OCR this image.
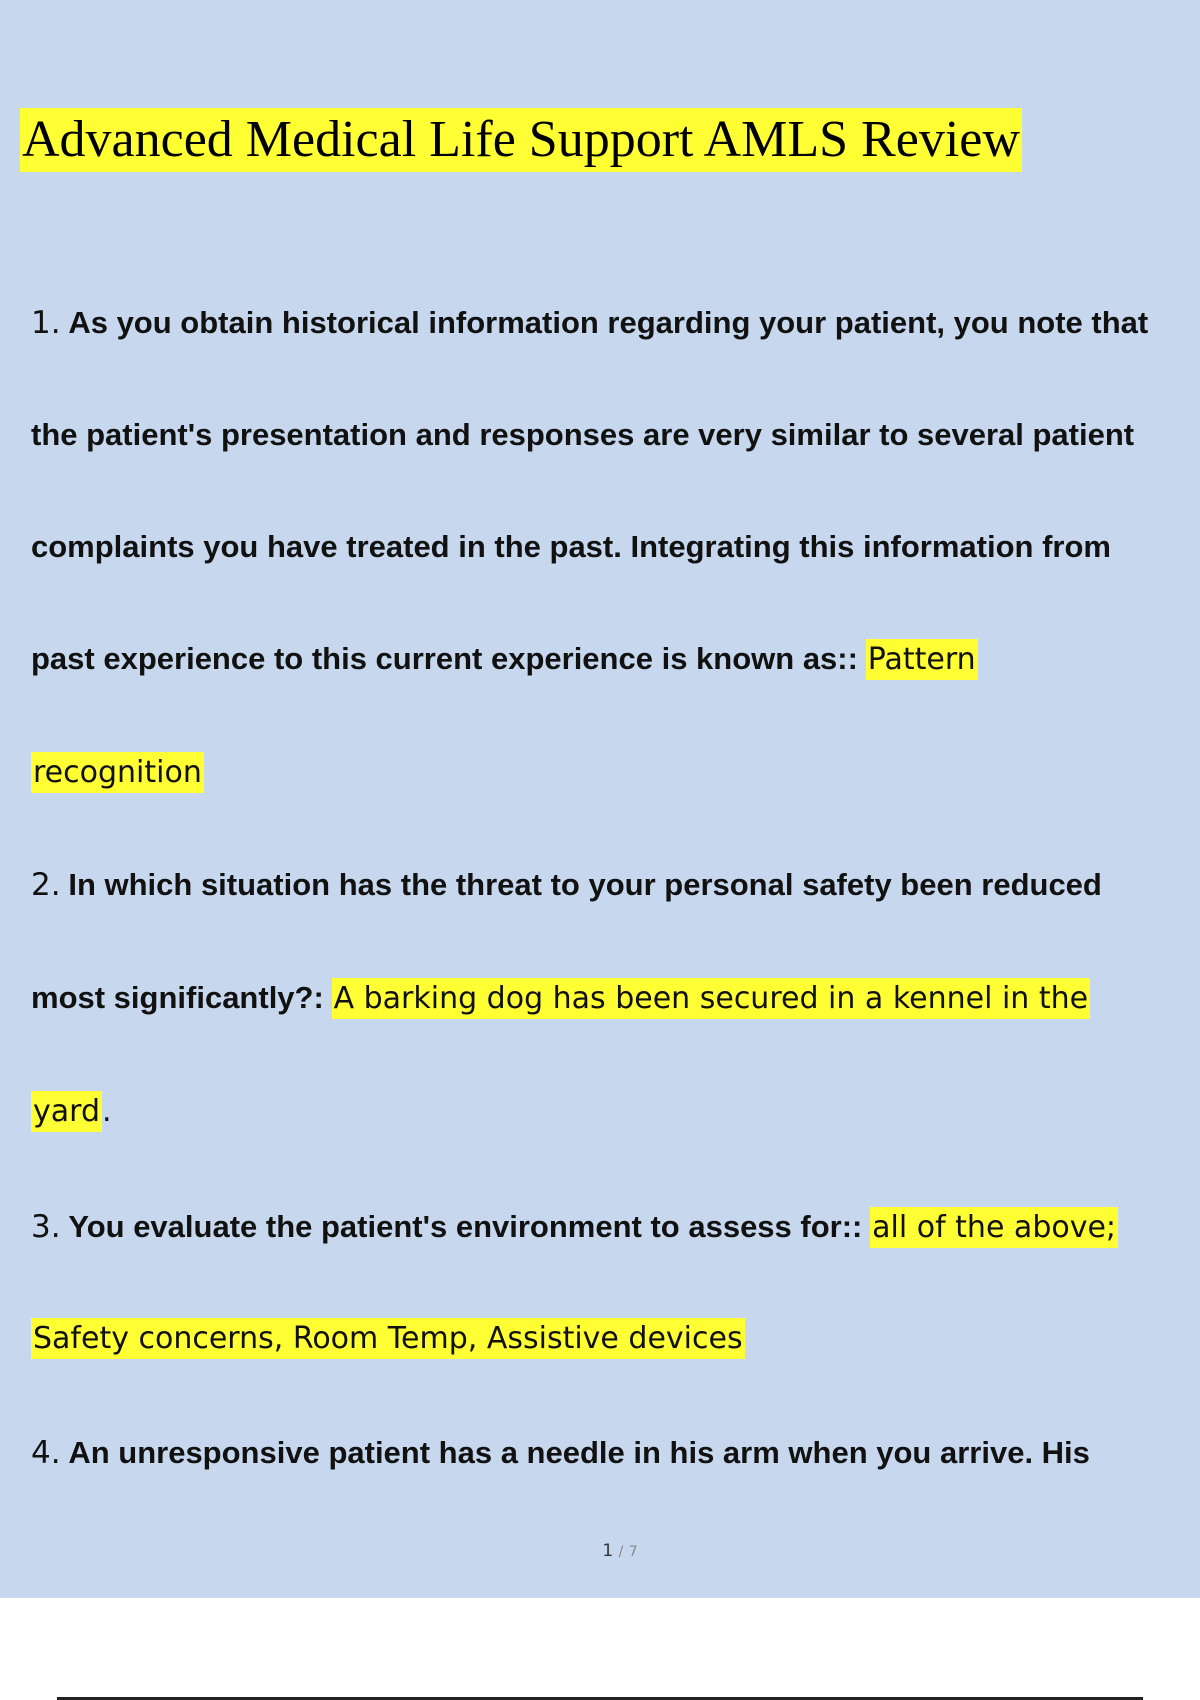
Advanced Medical Life Support AMLS Review
1. As you obtain historical information regarding your patient, you note that
the patient's presentation and responses are very similar to several patient
complaints you have treated in the past. Integrating this information from
past experience to this current experience is known as:: Pattern
recognition
2. In which situation has the threat to your personal safety been reduced
most significantly?: A barking dog has been secured in a kennel in the
yard.
3. You evaluate the patient's environment to assess for:: all of the above;
Safety concerns, Room Temp, Assistive devices
4. An unresponsive patient has a needle in his arm when you arrive. His
1 / 7
